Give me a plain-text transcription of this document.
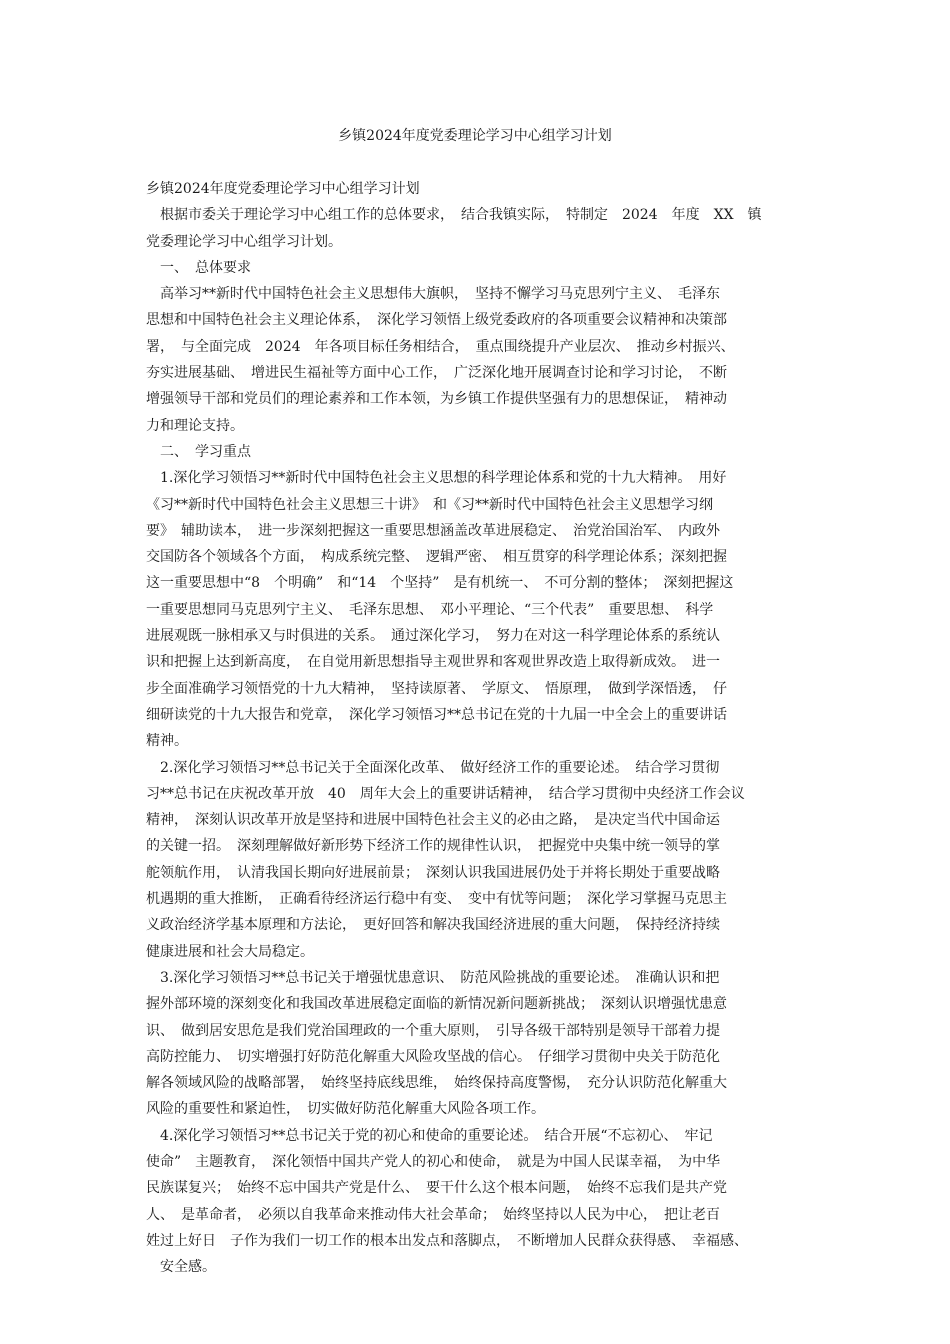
乡镇2024年度党委理论学习中心组学习计划
乡镇2024年度党委理论学习中心组学习计划
　根据市委关于理论学习中心组工作的总体要求，　结合我镇实际，　特制定　2024　年度　XX　镇
党委理论学习中心组学习计划。
　一、　总体要求
　高举习**新时代中国特色社会主义思想伟大旗帜，　坚持不懈学习马克思列宁主义、　毛泽东
思想和中国特色社会主义理论体系，　深化学习领悟上级党委政府的各项重要会议精神和决策部
署，　与全面完成　2024　年各项目标任务相结合，　重点围绕提升产业层次、　推动乡村振兴、
夯实进展基础、　增进民生福祉等方面中心工作，　广泛深化地开展调查讨论和学习讨论，　不断
增强领导干部和党员们的理论素养和工作本领，为乡镇工作提供坚强有力的思想保证，　精神动
力和理论支持。
　二、　学习重点
　1.深化学习领悟习**新时代中国特色社会主义思想的科学理论体系和党的十九大精神。　用好
《习**新时代中国特色社会主义思想三十讲》　和《习**新时代中国特色社会主义思想学习纲
要》　辅助读本，　进一步深刻把握这一重要思想涵盖改革进展稳定、　治党治国治军、　内政外
交国防各个领域各个方面，　构成系统完整、　逻辑严密、　相互贯穿的科学理论体系；深刻把握
这一重要思想中“8　个明确”　和“14　个坚持”　是有机统一、　不可分割的整体；　深刻把握这
一重要思想同马克思列宁主义、　毛泽东思想、　邓小平理论、“三个代表”　重要思想、　科学
进展观既一脉相承又与时俱进的关系。　通过深化学习，　努力在对这一科学理论体系的系统认
识和把握上达到新高度，　在自觉用新思想指导主观世界和客观世界改造上取得新成效。　进一
步全面准确学习领悟党的十九大精神，　坚持读原著、　学原文、　悟原理，　做到学深悟透，　仔
细研读党的十九大报告和党章，　深化学习领悟习**总书记在党的十九届一中全会上的重要讲话
精神。
　2.深化学习领悟习**总书记关于全面深化改革、　做好经济工作的重要论述。　结合学习贯彻
习**总书记在庆祝改革开放　40　周年大会上的重要讲话精神，　结合学习贯彻中央经济工作会议
精神，　深刻认识改革开放是坚持和进展中国特色社会主义的必由之路，　是决定当代中国命运
的关键一招。　深刻理解做好新形势下经济工作的规律性认识，　把握党中央集中统一领导的掌
舵领航作用，　认清我国长期向好进展前景；　深刻认识我国进展仍处于并将长期处于重要战略
机遇期的重大推断，　正确看待经济运行稳中有变、　变中有忧等问题；　深化学习掌握马克思主
义政治经济学基本原理和方法论，　更好回答和解决我国经济进展的重大问题，　保持经济持续
健康进展和社会大局稳定。
　3.深化学习领悟习**总书记关于增强忧患意识、　防范风险挑战的重要论述。　准确认识和把
握外部环境的深刻变化和我国改革进展稳定面临的新情况新问题新挑战；　深刻认识增强忧患意
识、　做到居安思危是我们党治国理政的一个重大原则，　引导各级干部特别是领导干部着力提
高防控能力、　切实增强打好防范化解重大风险攻坚战的信心。　仔细学习贯彻中央关于防范化
解各领域风险的战略部署，　始终坚持底线思维，　始终保持高度警惕，　充分认识防范化解重大
风险的重要性和紧迫性，　切实做好防范化解重大风险各项工作。
　4.深化学习领悟习**总书记关于党的初心和使命的重要论述。　结合开展“不忘初心、　牢记
使命”　主题教育，　深化领悟中国共产党人的初心和使命，　就是为中国人民谋幸福，　为中华
民族谋复兴；　始终不忘中国共产党是什么、　要干什么这个根本问题，　始终不忘我们是共产党
人、　是革命者，　必须以自我革命来推动伟大社会革命；　始终坚持以人民为中心，　把让老百
姓过上好日　子作为我们一切工作的根本出发点和落脚点，　不断增加人民群众获得感、　幸福感、
　安全感。
